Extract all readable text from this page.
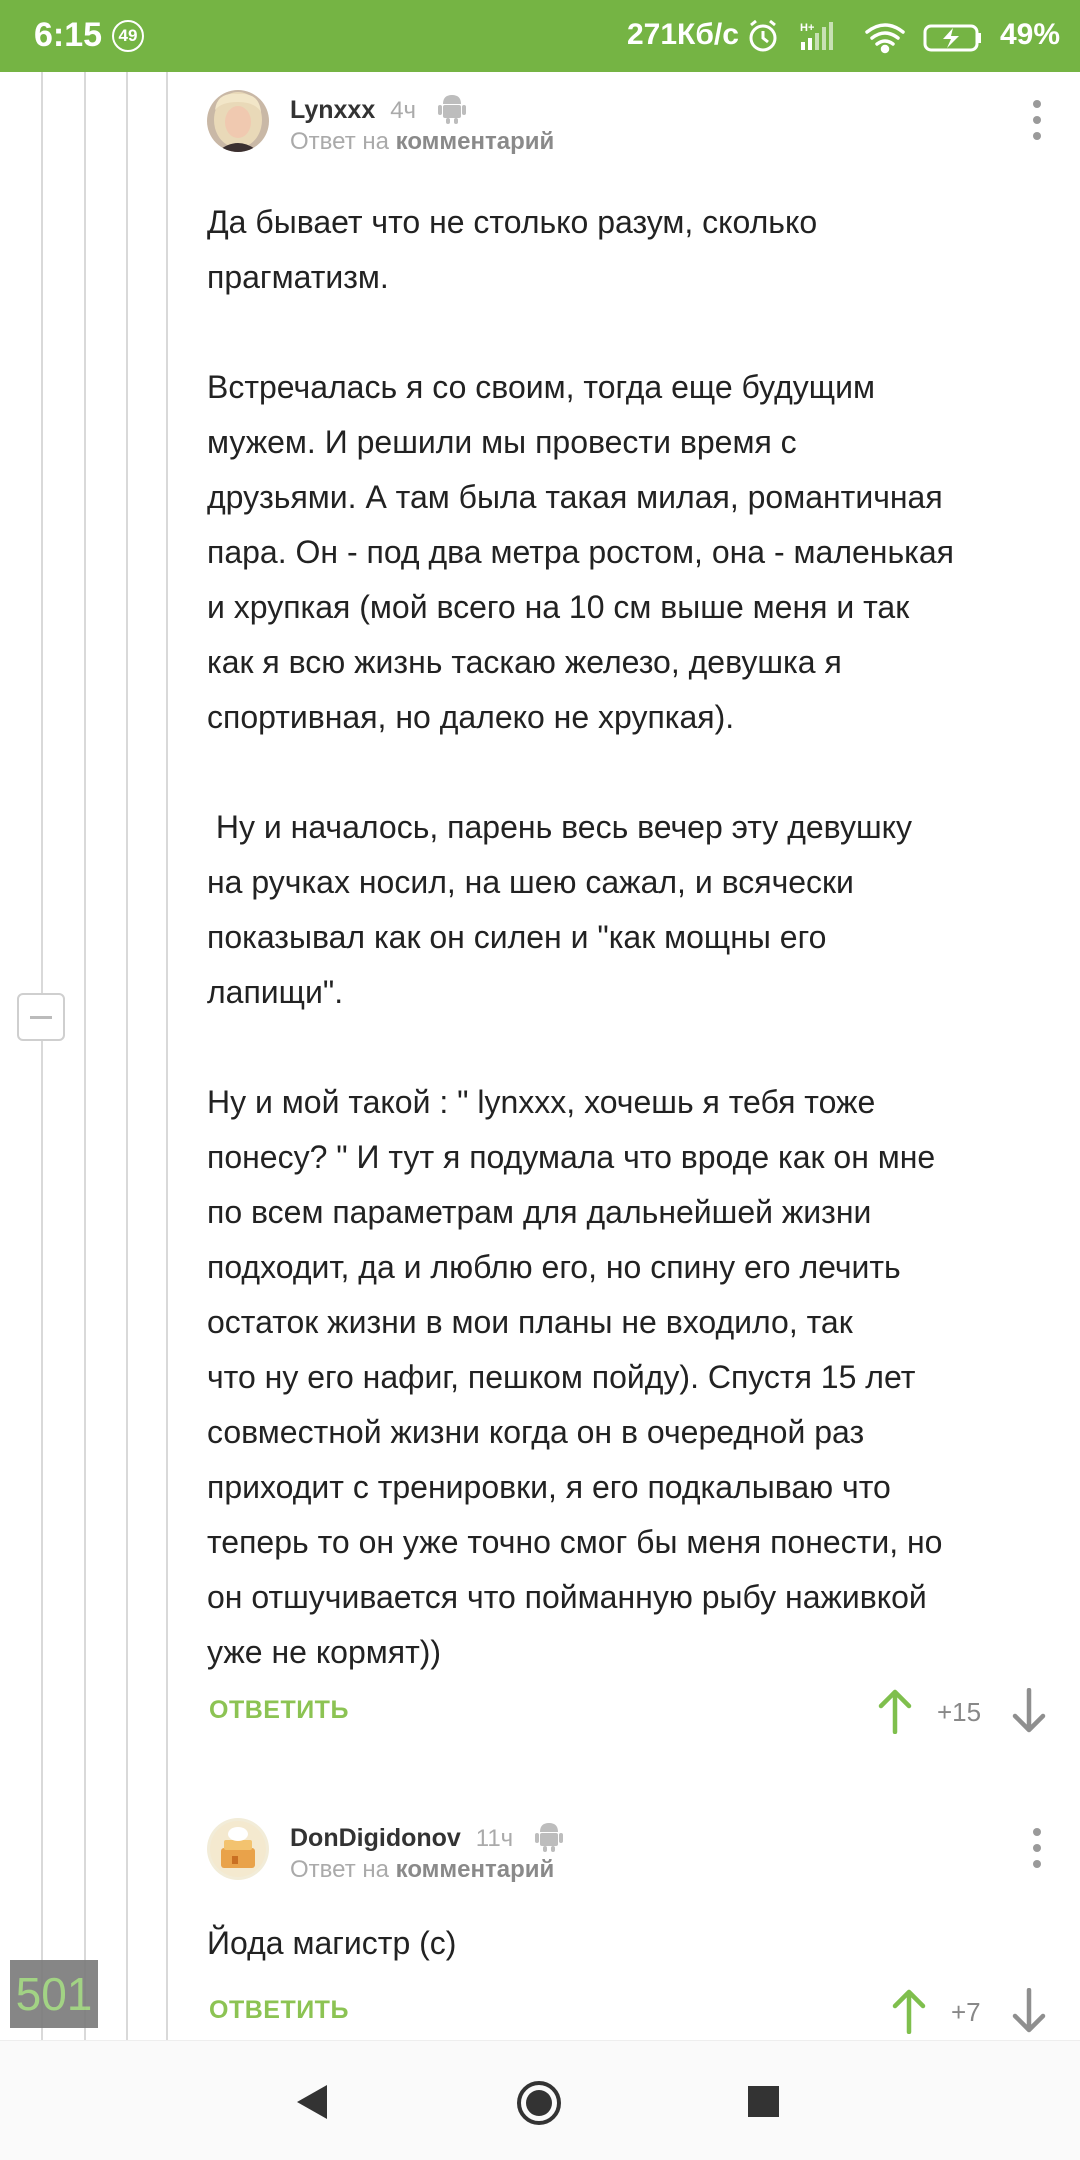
6:15 49	271Кб/с	H+	49%
Lynxxx 4ч
Ответ на комментарий
Да бывает что не столько разум, сколько
прагматизм.

Встречалась я со своим, тогда еще будущим
мужем. И решили мы провести время с
друзьями. А там была такая милая, романтичная
пара. Он - под два метра ростом, она - маленькая
и хрупкая (мой всего на 10 см выше меня и так
как я всю жизнь таскаю железо, девушка я
спортивная, но далеко не хрупкая).

Ну и началось, парень весь вечер эту девушку
на ручках носил, на шею сажал, и всячески
показывал как он силен и "как мощны его
лапищи".

Ну и мой такой : " lynxxx, хочешь я тебя тоже
понесу? " И тут я подумала что вроде как он мне
по всем параметрам для дальнейшей жизни
подходит, да и люблю его, но спину его лечить
остаток жизни в мои планы не входило, так
что ну его нафиг, пешком пойду). Спустя 15 лет
совместной жизни когда он в очередной раз
приходит с тренировки, я его подкалываю что
теперь то он уже точно смог бы меня понести, но
он отшучивается что пойманную рыбу наживкой
уже не кормят))
ОТВЕТИТЬ	+15
DonDigidonov 11ч
Ответ на комментарий
Йода магистр (с)
ОТВЕТИТЬ	+7
501
